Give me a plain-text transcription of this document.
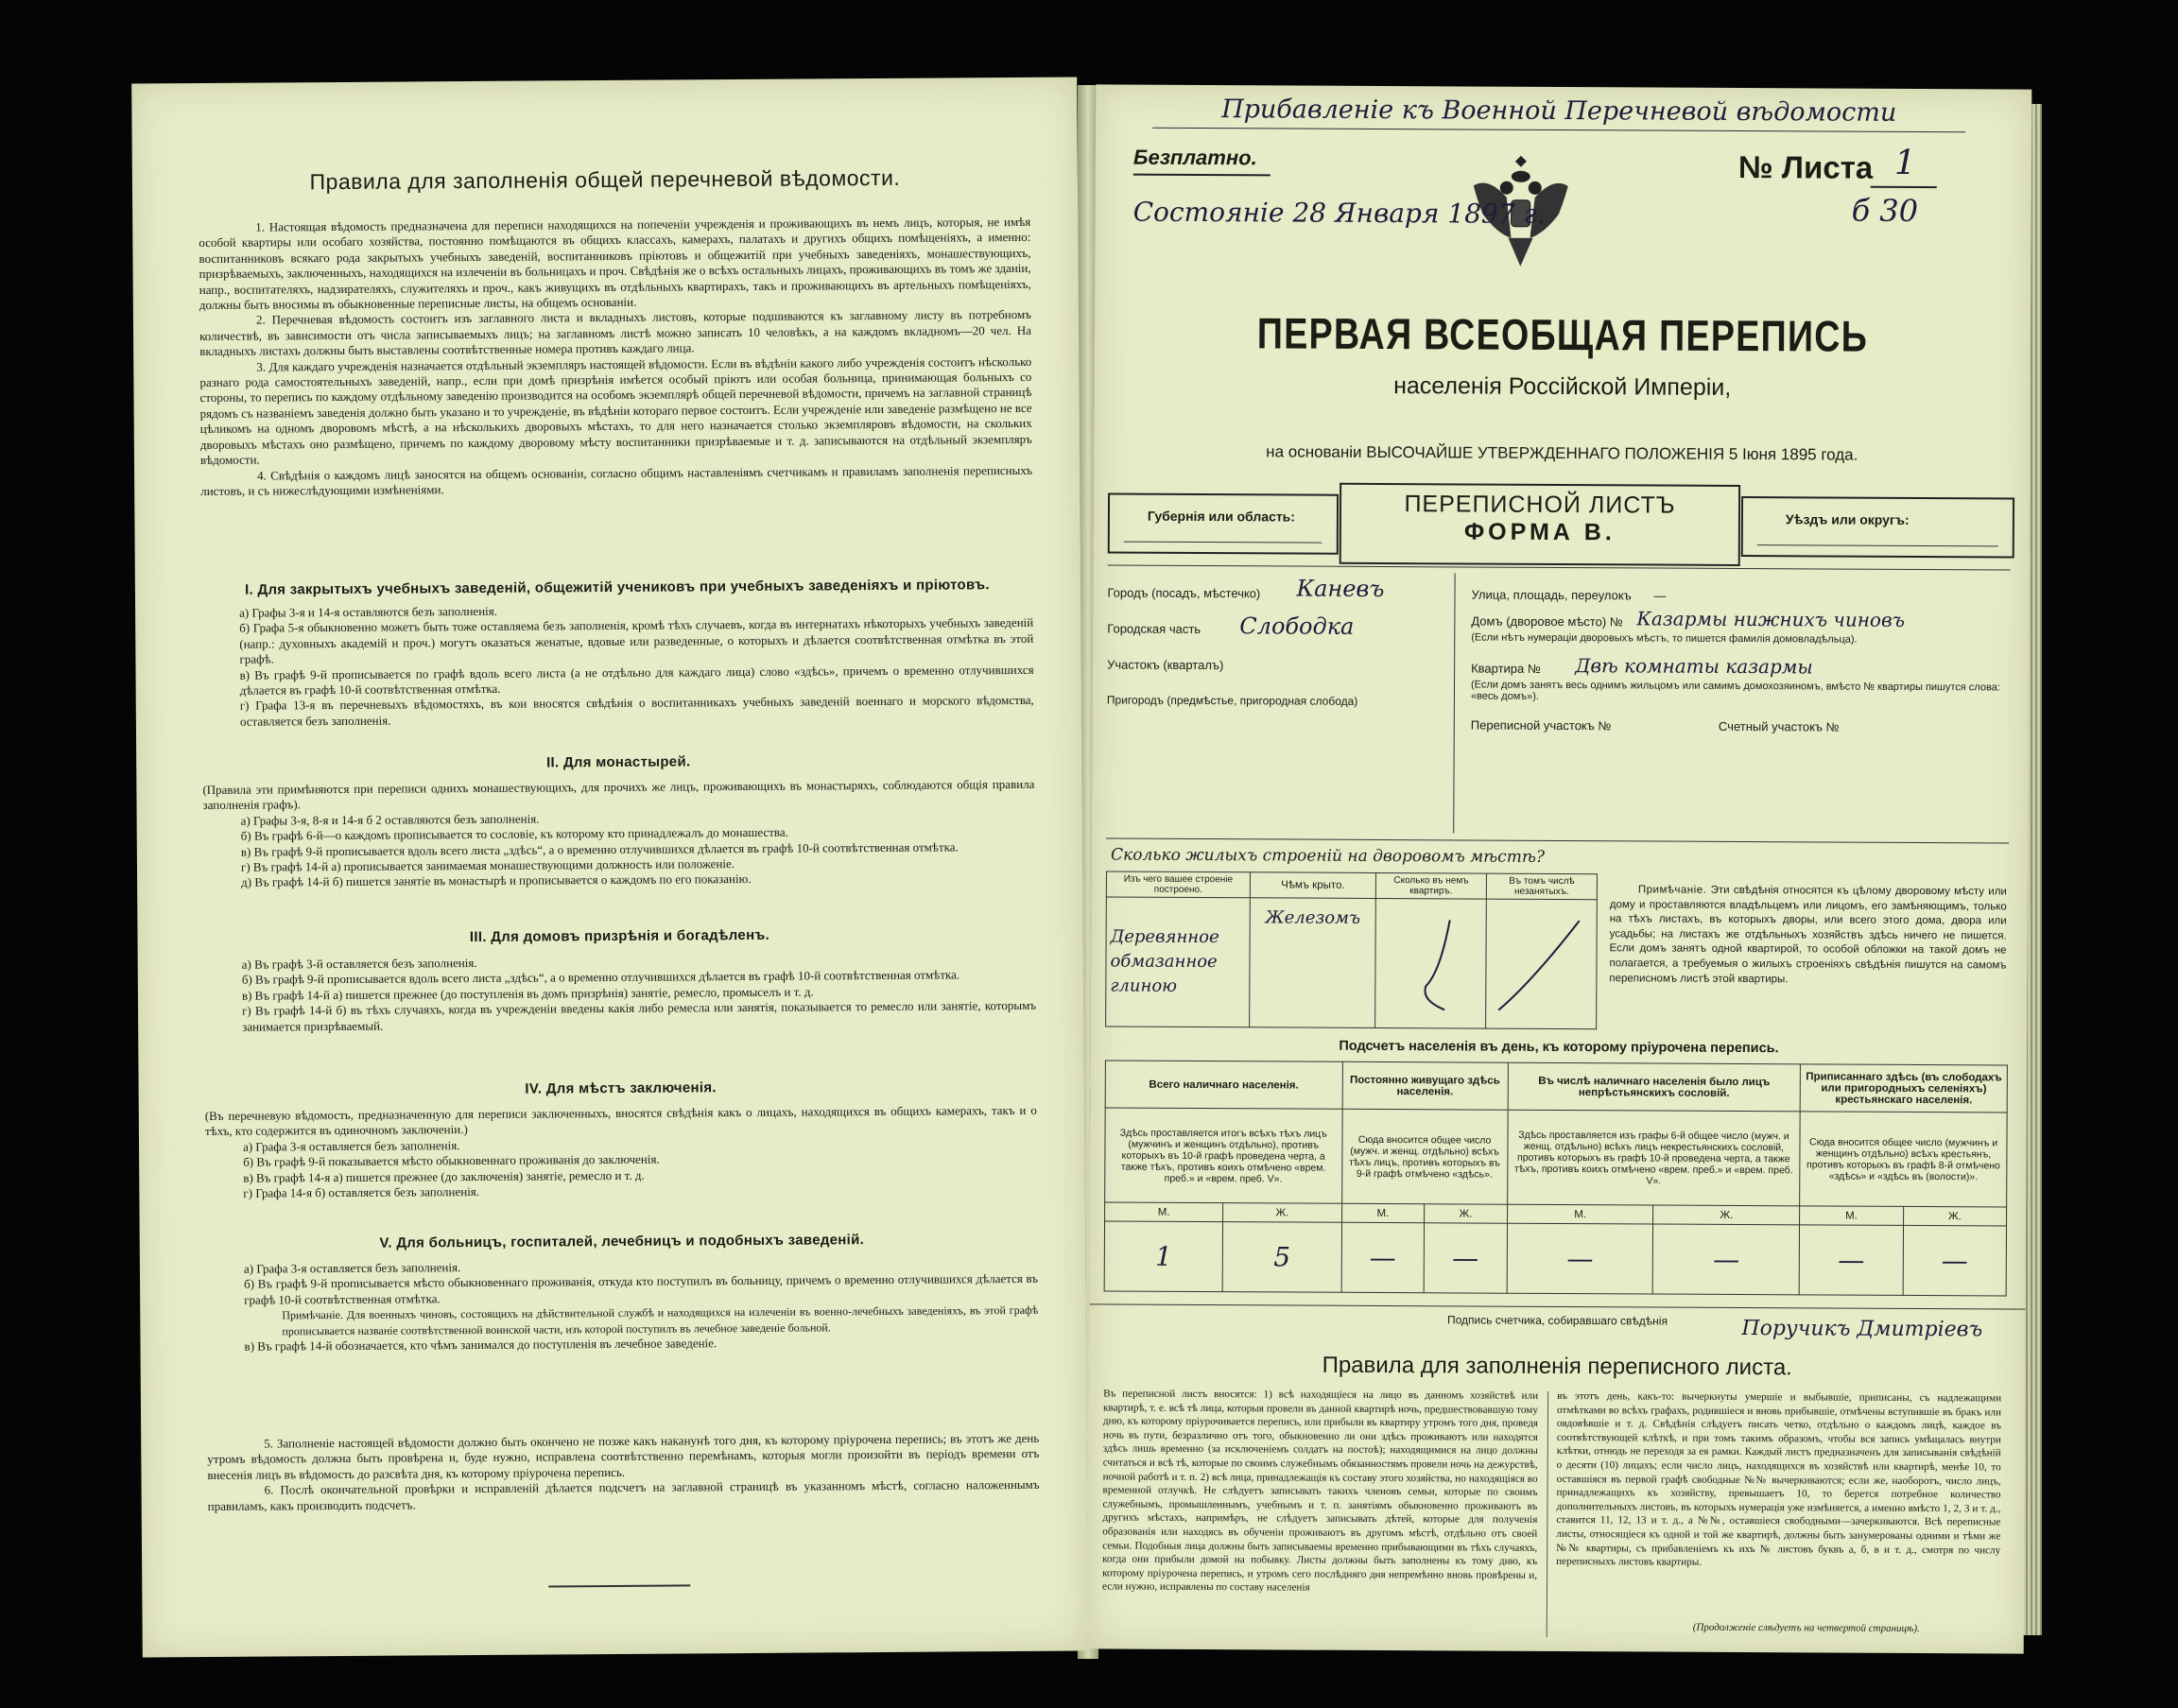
Правила для заполненія общей перечневой вѣдомости.

1. Настоящая вѣдомость предназначена для переписи находящихся на попеченіи учрежденія и проживающихъ въ немъ лицъ, которыя, не имѣя особой квартиры или особаго хозяйства, постоянно помѣщаются въ общихъ классахъ, камерахъ, палатахъ и другихъ общихъ помѣщеніяхъ, а именно: воспитанниковъ всякаго рода закрытыхъ учебныхъ заведеній, воспитанниковъ пріютовъ и общежитій при учебныхъ заведеніяхъ, монашествующихъ, призрѣваемыхъ, заключенныхъ, находящихся на излеченіи въ больницахъ и проч. Свѣдѣнія же о всѣхъ остальныхъ лицахъ, проживающихъ въ томъ же зданіи, напр., воспитателяхъ, надзирателяхъ, служителяхъ и проч., какъ живущихъ въ отдѣльныхъ квартирахъ, такъ и проживающихъ въ артельныхъ помѣщеніяхъ, должны быть вносимы въ обыкновенные переписные листы, на общемъ основаніи.

2. Перечневая вѣдомость состоитъ изъ заглавного листа и вкладныхъ листовъ, которые подшиваются къ заглавному листу въ потребномъ количествѣ, въ зависимости отъ числа записываемыхъ лицъ; на заглавномъ листѣ можно записать 10 человѣкъ, а на каждомъ вкладномъ—20 чел. На вкладныхъ листахъ должны быть выставлены соотвѣтственные номера противъ каждаго лица.

3. Для каждаго учрежденія назначается отдѣльный экземпляръ настоящей вѣдомости. Если въ вѣдѣніи какого либо учрежденія состоитъ нѣсколько разнаго рода самостоятельныхъ заведеній, напр., если при домѣ призрѣнія имѣется особый пріютъ или особая больница, принимающая больныхъ со стороны, то перепись по каждому отдѣльному заведенію производится на особомъ экземплярѣ общей перечневой вѣдомости, причемъ на заглавной страницѣ рядомъ съ названіемъ заведенія должно быть указано и то учрежденіе, въ вѣдѣніи котораго первое состоитъ. Если учрежденіе или заведеніе размѣщено не все цѣликомъ на одномъ дворовомъ мѣстѣ, а на нѣсколькихъ дворовыхъ мѣстахъ, то для него назначается столько экземпляровъ вѣдомости, на скольких дворовыхъ мѣстахъ оно размѣщено, причемъ по каждому дворовому мѣсту воспитанники призрѣваемые и т. д. записываются на отдѣльный экземпляръ вѣдомости.

4. Свѣдѣнія о каждомъ лицѣ заносятся на общемъ основаніи, согласно общимъ наставленіямъ счетчикамъ и правиламъ заполненія переписныхъ листовъ, и съ нижеслѣдующими измѣненіями.

I. Для закрытыхъ учебныхъ заведеній, общежитій учениковъ при учебныхъ заведеніяхъ и пріютовъ.

а) Графы 3-я и 14-я оставляются безъ заполненія.

б) Графа 5-я обыкновенно можетъ быть тоже оставляема безъ заполненія, кромѣ тѣхъ случаевъ, когда въ интернатахъ нѣкоторыхъ учебныхъ заведеній (напр.: духовныхъ академій и проч.) могутъ оказаться женатые, вдовые или разведенные, о которыхъ и дѣлается соотвѣтственная отмѣтка въ этой графѣ.

в) Въ графѣ 9-й прописывается по графѣ вдоль всего листа (а не отдѣльно для каждаго лица) слово «здѣсь», причемъ о временно отлучившихся дѣлается въ графѣ 10-й соотвѣтственная отмѣтка.

г) Графа 13-я въ перечневыхъ вѣдомостяхъ, въ кои вносятся свѣдѣнія о воспитанникахъ учебныхъ заведеній военнаго и морского вѣдомства, оставляется безъ заполненія.

II. Для монастырей.

(Правила эти примѣняются при переписи однихъ монашествующихъ, для прочихъ же лицъ, проживающихъ въ монастыряхъ, соблюдаются общія правила заполненія графъ).

а) Графы 3-я, 8-я и 14-я б 2 оставляются безъ заполненія.

б) Въ графѣ 6-й—о каждомъ прописывается то сословіе, къ которому кто принадлежалъ до монашества.

в) Въ графѣ 9-й прописывается вдоль всего листа „здѣсь“, а о временно отлучившихся дѣлается въ графѣ 10-й соотвѣтственная отмѣтка.

г) Въ графѣ 14-й а) прописывается занимаемая монашествующими должность или положеніе.

д) Въ графѣ 14-й б) пишется занятіе въ монастырѣ и прописывается о каждомъ по его показанію.

III. Для домовъ призрѣнія и богадѣленъ.

а) Въ графѣ 3-й оставляется безъ заполненія.

б) Въ графѣ 9-й прописывается вдоль всего листа „здѣсь“, а о временно отлучившихся дѣлается въ графѣ 10-й соотвѣтственная отмѣтка.

в) Въ графѣ 14-й а) пишется прежнее (до поступленія въ домъ призрѣнія) занятіе, ремесло, промыселъ и т. д.

г) Въ графѣ 14-й б) въ тѣхъ случаяхъ, когда въ учрежденіи введены какія либо ремесла или занятія, показывается то ремесло или занятіе, которымъ занимается призрѣваемый.

IV. Для мѣстъ заключенія.

(Въ перечневую вѣдомость, предназначенную для переписи заключенныхъ, вносятся свѣдѣнія какъ о лицахъ, находящихся въ общихъ камерахъ, такъ и о тѣхъ, кто содержится въ одиночномъ заключеніи.)

а) Графа 3-я оставляется безъ заполненія.

б) Въ графѣ 9-й показывается мѣсто обыкновеннаго проживанія до заключенія.

в) Въ графѣ 14-я а) пишется прежнее (до заключенія) занятіе, ремесло и т. д.

г) Графа 14-я б) оставляется безъ заполненія.

V. Для больницъ, госпиталей, лечебницъ и подобныхъ заведеній.

а) Графа 3-я оставляется безъ заполненія.

б) Въ графѣ 9-й прописывается мѣсто обыкновеннаго проживанія, откуда кто поступилъ въ больницу, причемъ о временно отлучившихся дѣлается въ графѣ 10-й соотвѣтственная отмѣтка.

Примѣчаніе. Для военныхъ чиновъ, состоящихъ на дѣйствительной службѣ и находящихся на излеченіи въ военно-лечебныхъ заведеніяхъ, въ этой графѣ прописывается названіе соотвѣтственной воинской части, изъ которой поступилъ въ лечебное заведеніе больной.

в) Въ графѣ 14-й обозначается, кто чѣмъ занимался до поступленія въ лечебное заведеніе.

5. Заполненіе настоящей вѣдомости должно быть окончено не позже какъ наканунѣ того дня, къ которому пріурочена перепись; въ этотъ же день утромъ вѣдомость должна быть провѣрена и, буде нужно, исправлена соотвѣтственно перемѣнамъ, которыя могли произойти въ періодъ времени отъ внесенія лицъ въ вѣдомость до разсвѣта дня, къ которому пріурочена перепись.

6. Послѣ окончательной провѣрки и исправленій дѣлается подсчетъ на заглавной страницѣ въ указанномъ мѣстѣ, согласно наложеннымъ правиламъ, какъ производить подсчетъ.

Прибавленіе къ Военной Перечневой вѣдомости
Безплатно.	№ Листа 1
б 30
Состояніе 28 Января 1897 г.
ПЕРВАЯ ВСЕОБЩАЯ ПЕРЕПИСЬ
населенія Россійской Имперіи,
на основаніи ВЫСОЧАЙШЕ УТВЕРЖДЕННАГО ПОЛОЖЕНІЯ 5 Іюня 1895 года.
Губернія или область:	ПЕРЕПИСНОЙ ЛИСТЪ
ФОРМА В.	Уѣздъ или округъ:
Городъ (посадъ, мѣстечко) Каневъ
Городская часть Слободка
Участокъ (кварталъ)
Пригородъ (предмѣстье, пригородная слобода)
Улица, площадь, переулокъ —
Домъ (дворовое мѣсто) № Казармы нижнихъ чиновъ
(Если нѣтъ нумерацiи дворовыхъ мѣстъ, то пишется фамилія домовладѣльца).
Квартира № Двѣ комнаты казармы
(Если домъ занятъ весь однимъ жильцомъ или самимъ домохозяиномъ, вмѣсто № квартиры пишутся слова: «весь домъ»).
Переписной участокъ №	Счетный участокъ №
Сколько жилыхъ строеній на дворовомъ мѣстѣ?
Изъ чего вашее строеніе построено.	Чѣмъ крыто.	Сколько въ немъ квартиръ.	Въ томъ числѣ незанятыхъ.

Деревянное
обмазанное
глиною	Железомъ		
Примѣчаніе. Эти свѣдѣнія относятся къ цѣлому дворовому мѣсту или дому и проставляются владѣльцемъ или лицомъ, его замѣняющимъ, только на тѣхъ листахъ, въ которыхъ дворы, или всего этого дома, двора или усадьбы; на листахъ же отдѣльныхъ хозяйствъ здѣсь ничего не пишется. Если домъ занятъ одной квартирой, то особой обложки на такой домъ не полагается, а требуемыя о жилыхъ строеніяхъ свѣдѣнія пишутся на самомъ переписномъ листѣ этой квартиры.
Подсчетъ населенія въ день, къ которому пріурочена перепись.
Всего наличнаго населенія.		Постоянно живущаго здѣсь населенія.		Въ числѣ наличнаго населенія было лицъ непрѣстьянскихъ сословій.		Приписаннаго здѣсь (въ слободахъ или пригородныхъ селеніяхъ) крестьянскаго населенія.	
Здѣсь проставляется итогъ всѣхъ тѣхъ лицъ (мужчинъ и женщинъ отдѣльно), противъ которыхъ въ 10-й графѣ проведена черта, а также тѣхъ, противъ коихъ отмѣчено «врем. преб.» и «врем. преб. V».		Сюда вносится общее число (мужч. и женщ. отдѣльно) всѣхъ тѣхъ лицъ, противъ которыхъ въ 9-й графѣ отмѣчено «здѣсь».		Здѣсь проставляется изъ графы 6-й общее число (мужч. и женщ. отдѣльно) всѣхъ лицъ некрестьянскихъ сословій, противъ которыхъ въ графѣ 10-й проведена черта, а также тѣхъ, противъ коихъ отмѣчено «врем. преб.» и «врем. преб. V».		Сюда вносится общее число (мужчинъ и женщинъ отдѣльно) всѣхъ крестьянъ, противъ которыхъ въ графѣ 8-й отмѣчено «здѣсь» и «здѣсь въ (волости)».	
М.	Ж.	М.	Ж.	М.	Ж.	М.	Ж.
1	5	—	—	—	—	—	—
Подпись счетчика, собиравшаго свѣдѣнія	Поручикъ Дмитрiевъ
Правила для заполненія переписного листа.
Въ переписной листъ вносятся: 1) всѣ находящіеся на лицо въ данномъ хозяйствѣ или квартирѣ, т. е. всѣ тѣ лица, которыя провели въ данной квартирѣ ночь, предшествовавшую тому дню, къ которому пріурочивается перепись, или прибыли въ квартиру утромъ того дня, проведя ночь въ пути, безразлично отъ того, обыкновенно ли они здѣсь проживаютъ или находятся здѣсь лишь временно (за исключеніемъ солдатъ на постоѣ); находящимися на лицо должны считаться и всѣ тѣ, которые по своимъ служебнымъ обязанностямъ провели ночь на дежурствѣ, ночной работѣ и т. п. 2) всѣ лица, принадлежащія къ составу этого хозяйства, но находящіяся во временной отлучкѣ. Не слѣдуетъ записывать такихъ членовъ семьи, которые по своимъ служебнымъ, промышленнымъ, учебнымъ и т. п. занятіямъ обыкновенно проживаютъ въ другихъ мѣстахъ, напримѣръ, не слѣдуетъ записывать дѣтей, которые для полученія образованія или находясь въ обученіи проживаютъ въ другомъ мѣстѣ, отдѣльно отъ своей семьи. Подобныя лица должны быть записываемы временно прибывающими въ тѣхъ случаяхъ, когда они прибыли домой на побывку. Листы должны быть заполнены къ тому дню, къ которому пріурочена перепись, и утромъ сего послѣдняго дня непремѣнно вновь провѣрены и, если нужно, исправлены по составу населенія
въ этотъ день, какъ-то: вычеркнуты умершіе и выбывшіе, приписаны, съ надлежащими отмѣтками во всѣхъ графахъ, родившіеся и вновь прибывшіе, отмѣчены вступившіе въ бракъ или овдовѣвшіе и т. д. Свѣдѣнія слѣдуетъ писать четко, отдѣльно о каждомъ лицѣ, каждое въ соотвѣтствующей клѣткѣ, и при томъ такимъ образомъ, чтобы вся запись умѣщалась внутри клѣтки, отнюдь не переходя за ея рамки. Каждый листъ предназначенъ для записыванія свѣдѣній о десяти (10) лицахъ; если число лицъ, находящихся въ хозяйствѣ или квартирѣ, менѣе 10, то оставшіяся въ первой графѣ свободные №№ вычеркиваются; если же, наоборотъ, число лицъ, принадлежащихъ къ хозяйству, превышаетъ 10, то берется потребное количество дополнительныхъ листовъ, въ которыхъ нумерація уже измѣняется, а именно вмѣсто 1, 2, 3 и т. д., ставится 11, 12, 13 и т. д., а №№, оставшіеся свободными—зачеркиваются. Всѣ переписные листы, относящіеся къ одной и той же квартирѣ, должны быть занумерованы одними и тѣми же №№ квартиры, съ прибавленіемъ къ ихъ № листовъ буквъ а, б, в и т. д., смотря по числу переписныхъ листовъ квартиры.
(Продолженіе слѣдуетъ на четвертой страницѣ).
